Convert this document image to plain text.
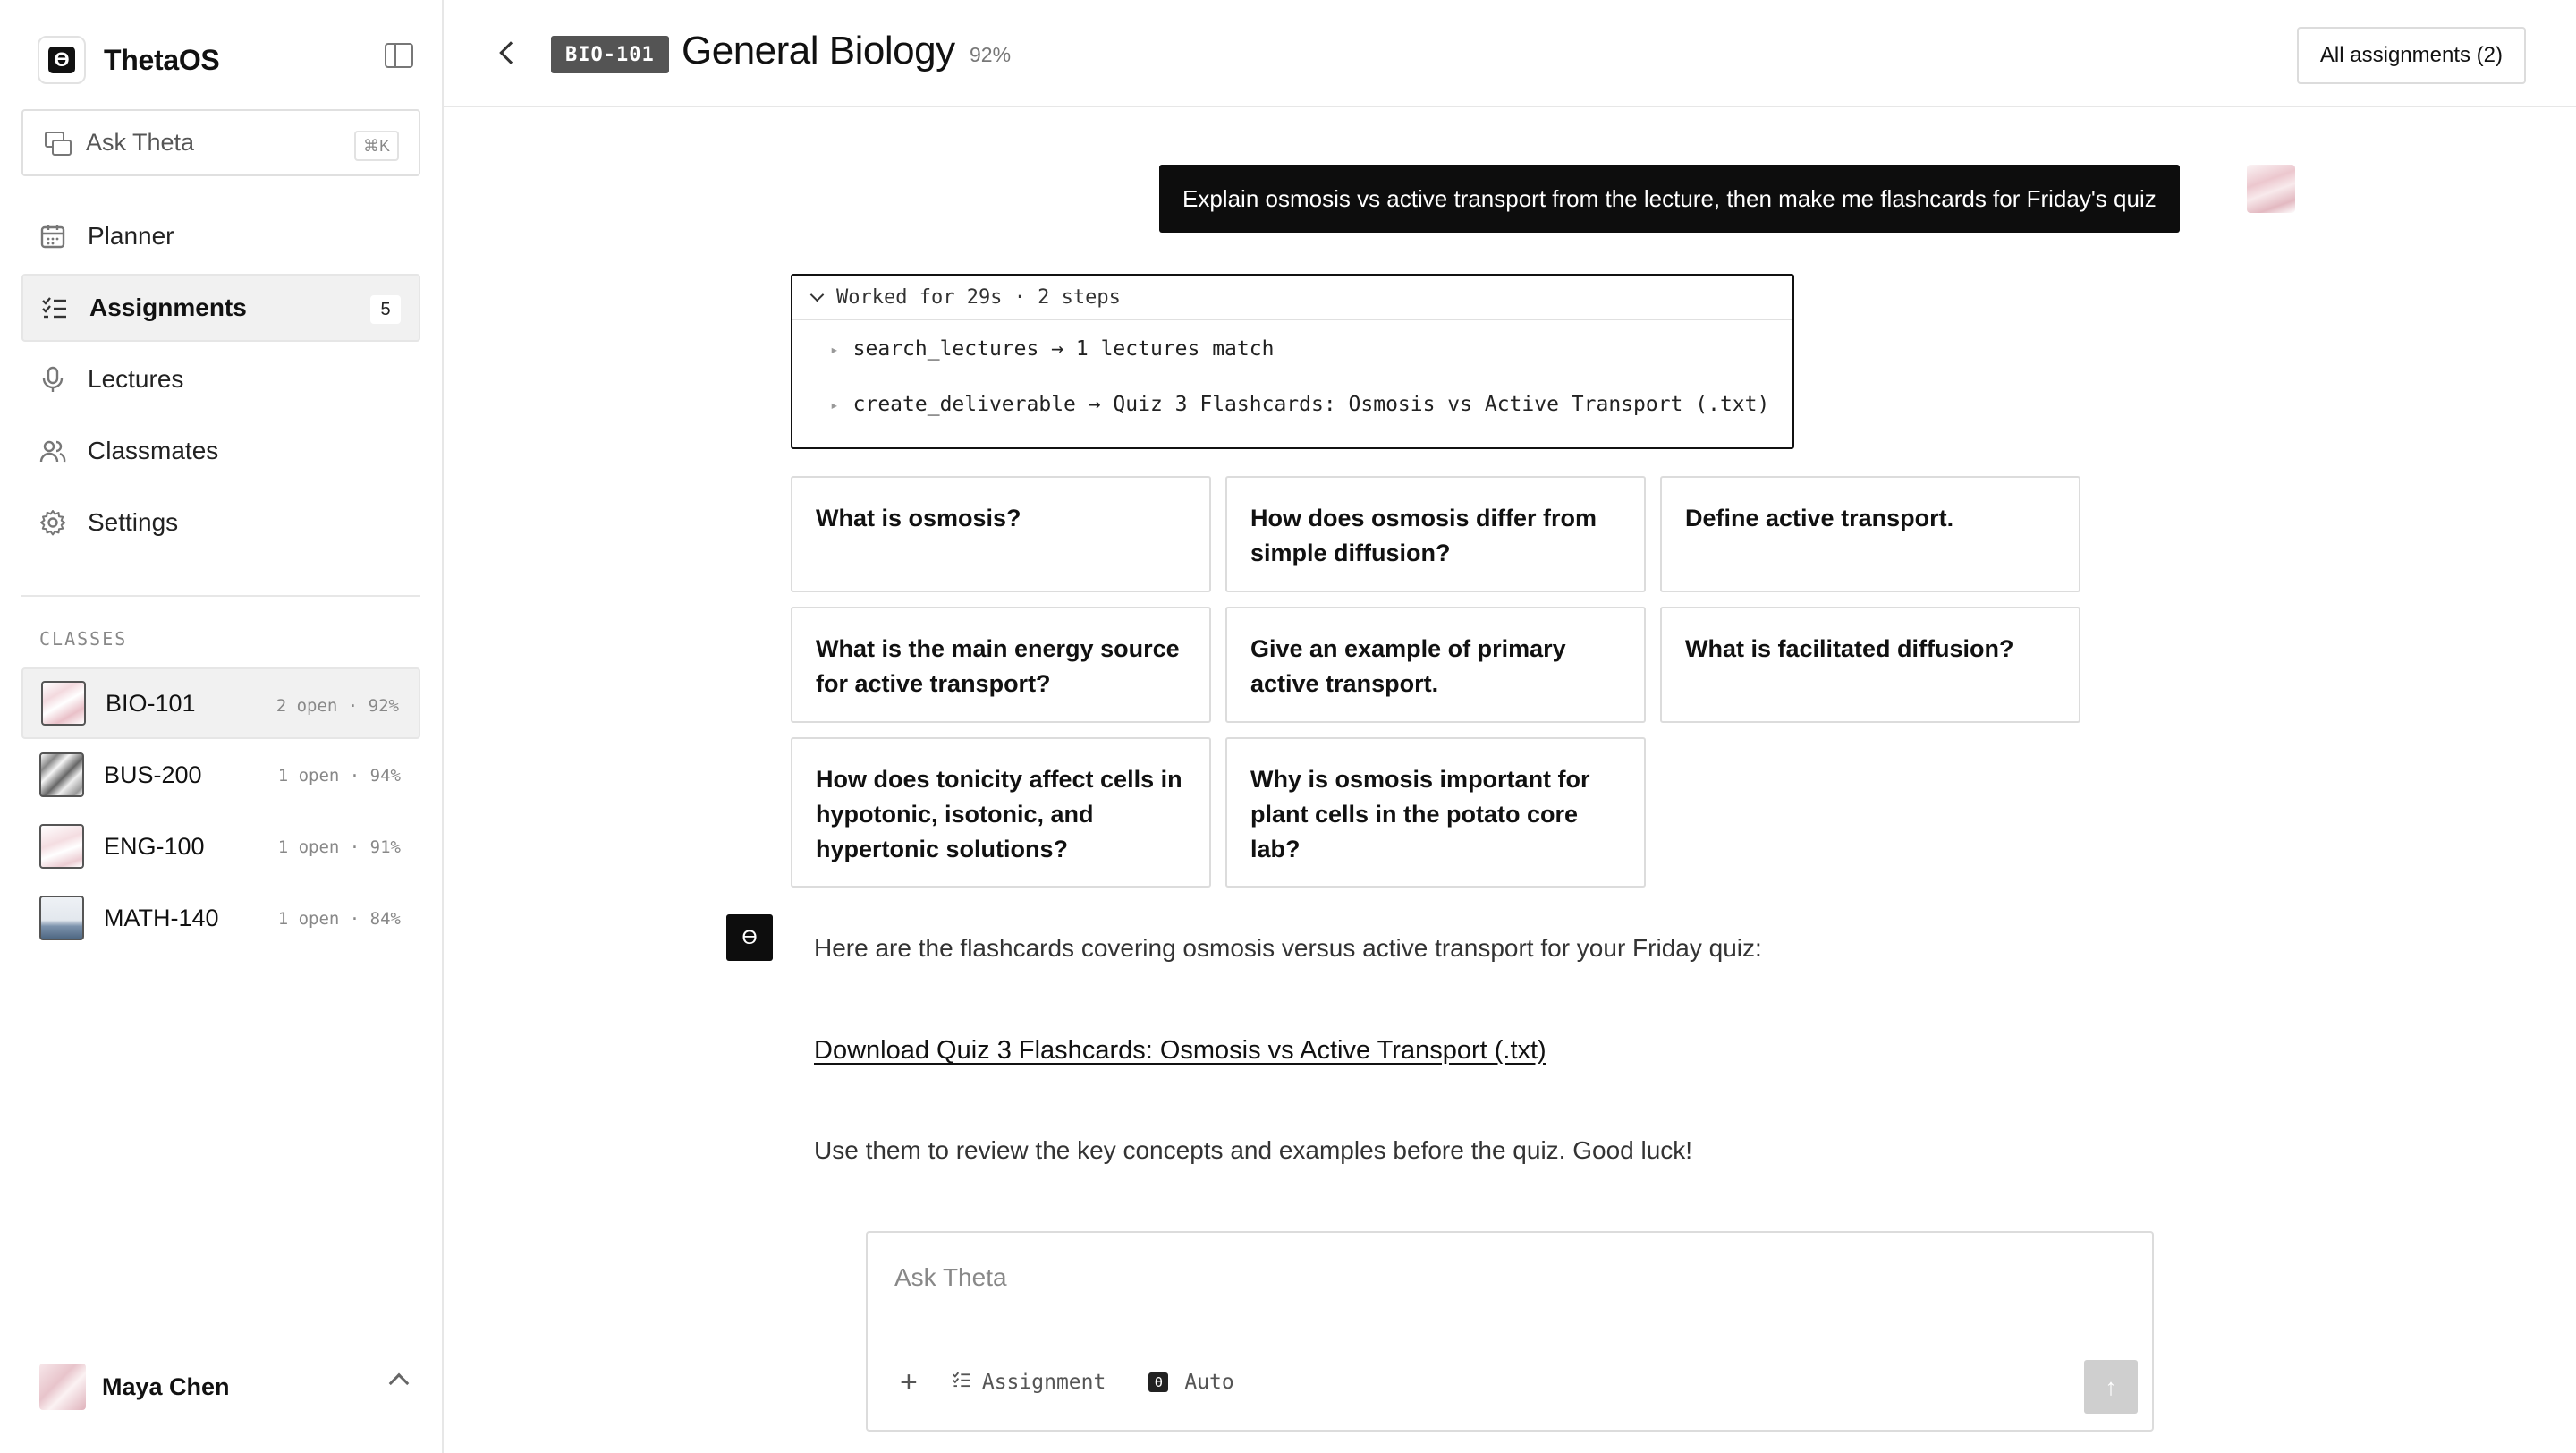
ϴ ThetaOS
Ask Theta	⌘K
Planner
Assignments	5
Lectures
Classmates
Settings
CLASSES
BIO-101	2 open · 92%
BUS-200	1 open · 94%
ENG-100	1 open · 91%
MATH-140	1 open · 84%
Maya Chen
BIO-101 General Biology 92%	All assignments (2)
Explain osmosis vs active transport from the lecture, then make me flashcards for Friday's quiz
Worked for 29s · 2 steps
▸ search_lectures → 1 lectures match
▸ create_deliverable → Quiz 3 Flashcards: Osmosis vs Active Transport (.txt)
What is osmosis?	How does osmosis differ from simple diffusion?
Define active transport.
What is the main energy source for active transport?
Give an example of primary active transport.
What is facilitated diffusion?
How does tonicity affect cells in hypotonic, isotonic, and hypertonic solutions?
Why is osmosis important for plant cells in the potato core lab?
ϴ	Here are the flashcards covering osmosis versus active transport for your Friday quiz:

Download Quiz 3 Flashcards: Osmosis vs Active Transport (.txt)

Use them to review the key concepts and examples before the quiz. Good luck!

Ask Theta
+	Assignment	ϴ Auto	↑
